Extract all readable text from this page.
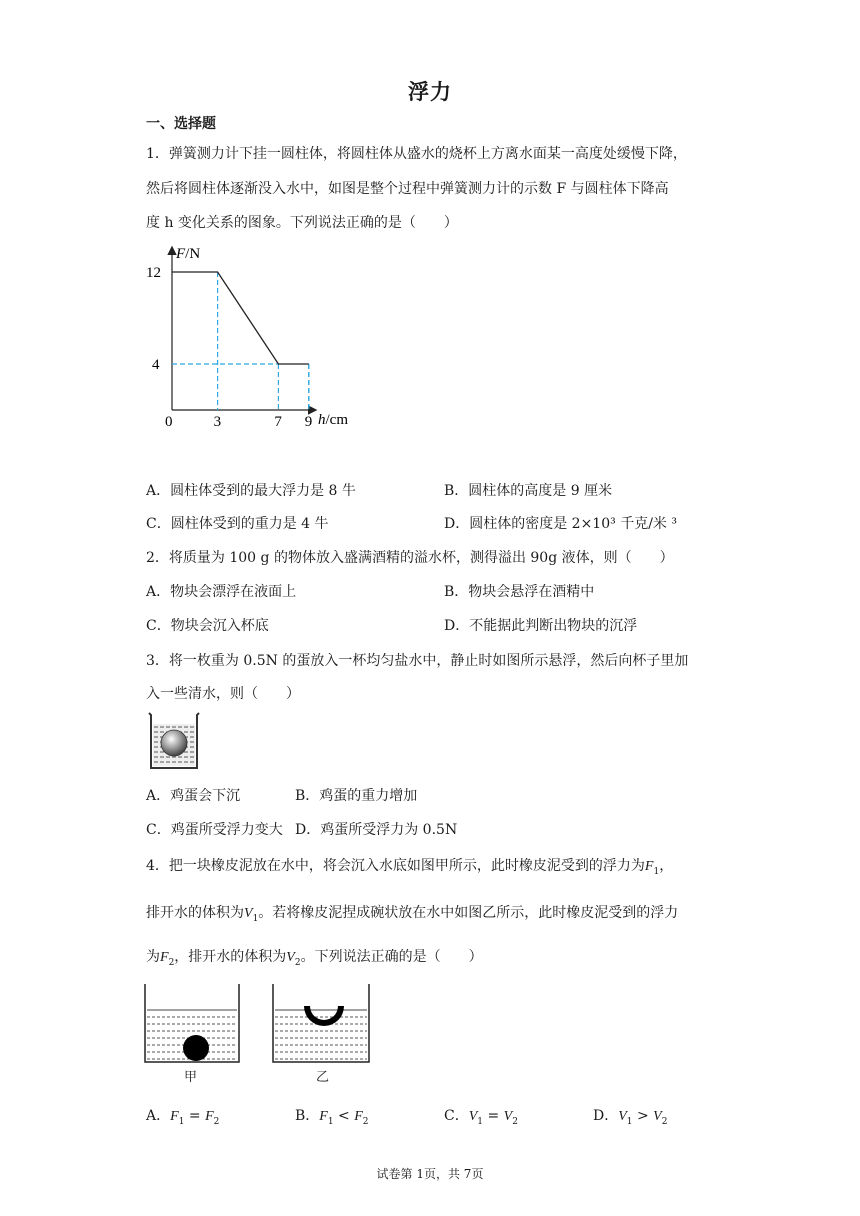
浮力
一、选择题
1．弹簧测力计下挂一圆柱体，将圆柱体从盛水的烧杯上方离水面某一高度处缓慢下降，
然后将圆柱体逐渐没入水中，如图是整个过程中弹簧测力计的示数 F 与圆柱体下降高
度 h 变化关系的图象。下列说法正确的是（　　）
0	3	7 9
12
4
F/N
h/cm
A．圆柱体受到的最大浮力是 8 牛	B．圆柱体的高度是 9 厘米
C．圆柱体受到的重力是 4 牛	D．圆柱体的密度是 2×10³ 千克/米 ³
2．将质量为 100 g 的物体放入盛满酒精的溢水杯，测得溢出 90g 液体，则（　　）
A．物块会漂浮在液面上	B．物块会悬浮在酒精中
C．物块会沉入杯底	D．不能据此判断出物块的沉浮
3．将一枚重为 0.5N 的蛋放入一杯均匀盐水中，静止时如图所示悬浮，然后向杯子里加
入一些清水，则（　　）
A．鸡蛋会下沉	B．鸡蛋的重力增加
C．鸡蛋所受浮力变大 D．鸡蛋所受浮力为 0.5N
4．把一块橡皮泥放在水中，将会沉入水底如图甲所示，此时橡皮泥受到的浮力为$F_1$，
排开水的体积为$V_1$。若将橡皮泥捏成碗状放在水中如图乙所示，此时橡皮泥受到的浮力
为$F_2$，排开水的体积为$V_2$。下列说法正确的是（　　）
甲	乙
A．$F_1 = F_2$	B．$F_1 < F_2$	C．$V_1 = V_2$	D．$V_1 > V_2$
试卷第 1页，共 7页
